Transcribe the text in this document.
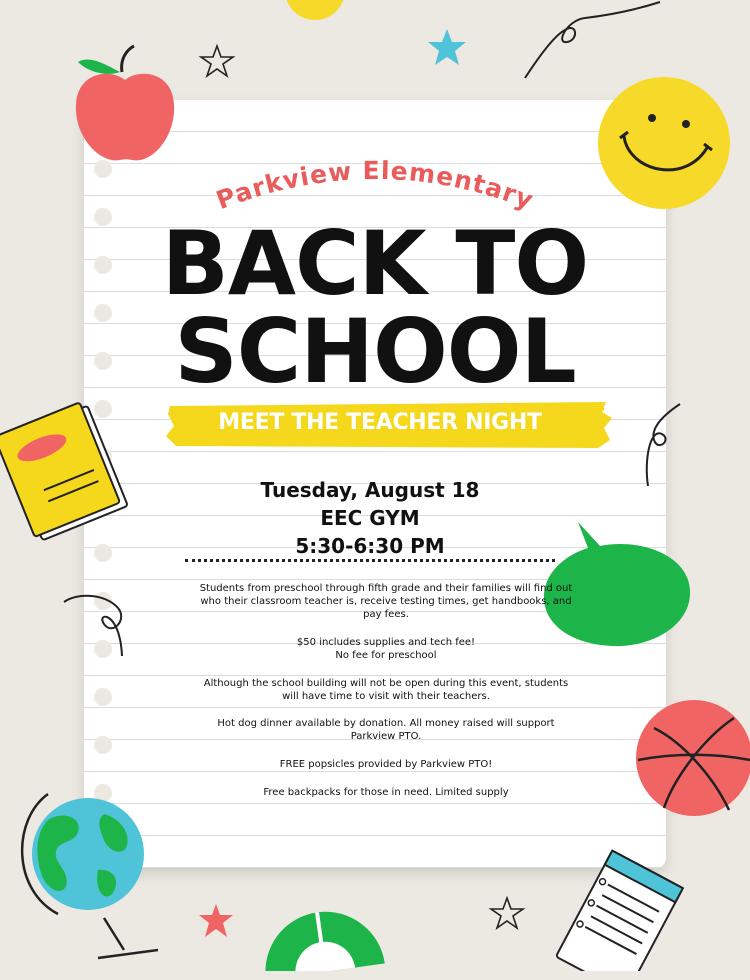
Parkview Elementary
BACK TO
SCHOOL
MEET THE TEACHER NIGHT
Tuesday, August 18
EEC GYM
5:30-6:30 PM
Students from preschool through fifth grade and their families will find out who their classroom teacher is, receive testing times, get handbooks, and pay fees.
$50 includes supplies and tech fee!
No fee for preschool
Although the school building will not be open during this event, students will have time to visit with their teachers.
Hot dog dinner available by donation. All money raised will support Parkview PTO.
FREE popsicles provided by Parkview PTO!
Free backpacks for those in need. Limited supply
